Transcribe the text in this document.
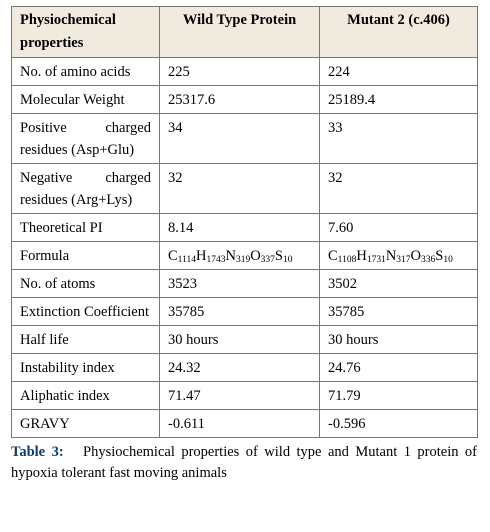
Physiochemical properties	Wild Type Protein	Mutant 2 (c.406)
No. of amino acids	225	224
Molecular Weight	25317.6	25189.4
Positive charged residues (Asp+Glu)	34	33
Negative charged residues (Arg+Lys)	32	32
Theoretical PI	8.14	7.60
Formula	$C_{1114}H_{1743}N_{319}O_{337}S_{10}$	$C_{1108}H_{1731}N_{317}O_{336}S_{10}$
No. of atoms	3523	3502
Extinction Coefficient	35785	35785
Half life	30 hours	30 hours
Instability index	24.32	24.76
Aliphatic index	71.47	71.79
GRAVY	-0.611	-0.596
Table 3:   Physiochemical properties of wild type and Mutant 1 protein of hypoxia tolerant fast moving animals
